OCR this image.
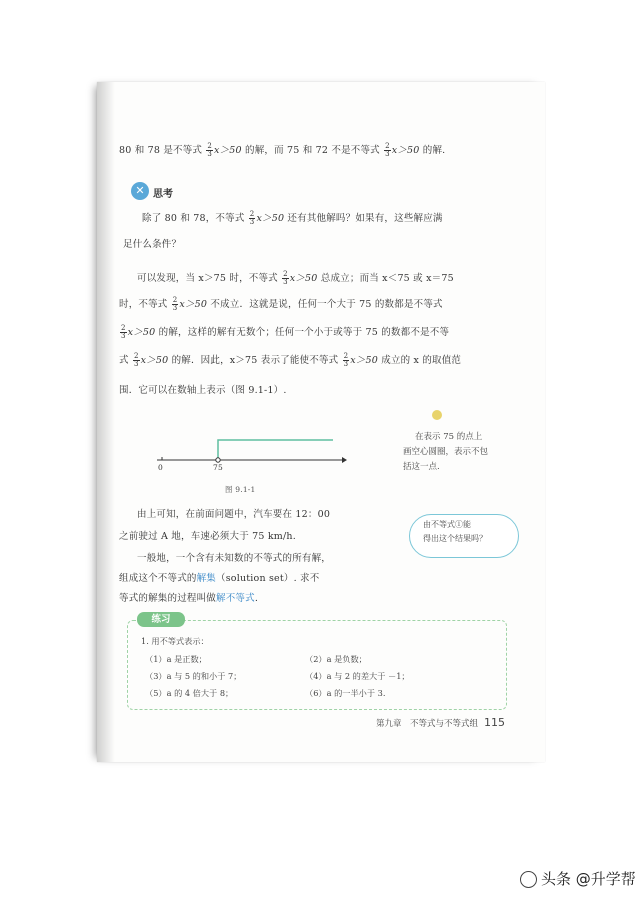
80 和 78 是不等式 $\frac{2}{3} x>50$ 的解，而 75 和 72 不是不等式 $\frac{2}{3} x>50$ 的解.
✕ 思考
除了 80 和 78，不等式 $\frac{2}{3} x>50$ 还有其他解吗？如果有，这些解应满
足什么条件？
可以发现，当 x＞75 时，不等式 $\frac{2}{3} x>50$ 总成立；而当 x＜75 或 x＝75
时，不等式 $\frac{2}{3} x>50$ 不成立．这就是说，任何一个大于 75 的数都是不等式
$\frac{2}{3} x>50$ 的解，这样的解有无数个；任何一个小于或等于 75 的数都不是不等
式 $\frac{2}{3} x>50$ 的解．因此，x＞75 表示了能使不等式 $\frac{2}{3} x>50$ 成立的 x 的取值范
围．它可以在数轴上表示（图 9.1-1）.
0	75
图 9.1-1
在表示 75 的点上
画空心圆圈，表示不包
括这一点.
由上可知，在前面问题中，汽车要在 12：00
之前驶过 A 地，车速必须大于 75 km/h.
一般地，一个含有未知数的不等式的所有解，
组成这个不等式的解集（solution set）. 求不
等式的解集的过程叫做解不等式.
由不等式①能
得出这个结果吗？
练习
1. 用不等式表示：
（1）a 是正数；	（2）a 是负数；
（3）a 与 5 的和小于 7；	（4）a 与 2 的差大于 －1；
（5）a 的 4 倍大于 8；	（6）a 的一半小于 3.
第九章　不等式与不等式组 115
头条 @升学帮
